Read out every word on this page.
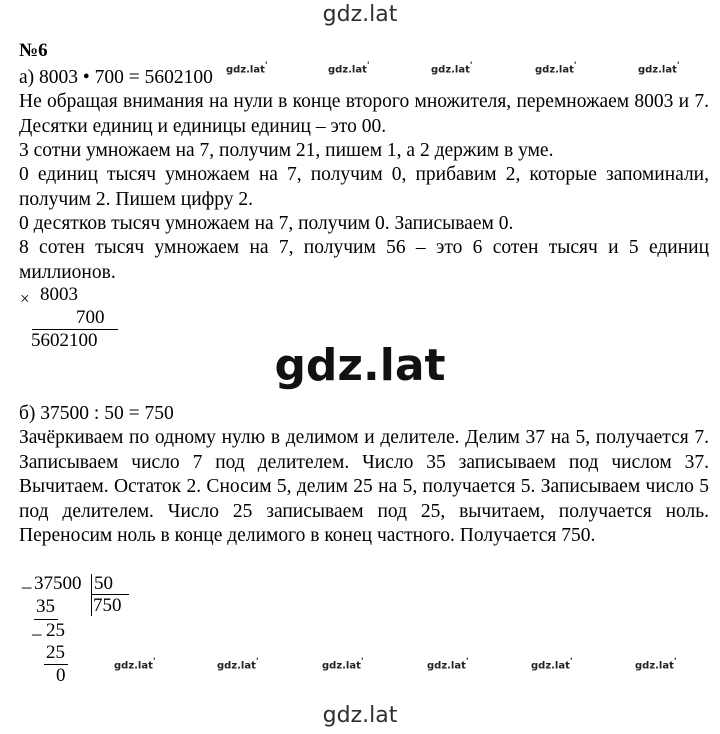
gdz.lat
№6
gdz.lat '	gdz.lat '	gdz.lat '	gdz.lat '	gdz.lat '
а) 8003 • 700 = 5602100
Не обращая внимания на нули в конце второго множителя, перемножаем 8003 и 7. Десятки единиц и единицы единиц – это 00.
3 сотни умножаем на 7, получим 21, пишем 1, а 2 держим в уме.
0 единиц тысяч умножаем на 7, получим 0, прибавим 2, которые запоминали, получим 2. Пишем цифру 2.
0 десятков тысяч умножаем на 7, получим 0. Записываем 0.
8 сотен тысяч умножаем на 7, получим 56 – это 6 сотен тысяч и 5 единиц миллионов.
× 8003
700
5602100	gdz.lat
б) 37500 : 50 = 750
Зачёркиваем по одному нулю в делимом и делителе. Делим 37 на 5, получается 7. Записываем число 7 под делителем. Число 35 записываем под числом 37. Вычитаем. Остаток 2. Сносим 5, делим 25 на 5, получается 5. Записываем число 5 под делителем. Число 25 записываем под 25, вычитаем, получается ноль. Переносим ноль в конце делимого в конец частного. Получается 750.
_ 37500 50
750
35
_ 25
25
0	gdz.lat '	gdz.lat '	gdz.lat '	gdz.lat '	gdz.lat '	gdz.lat '
gdz.lat
